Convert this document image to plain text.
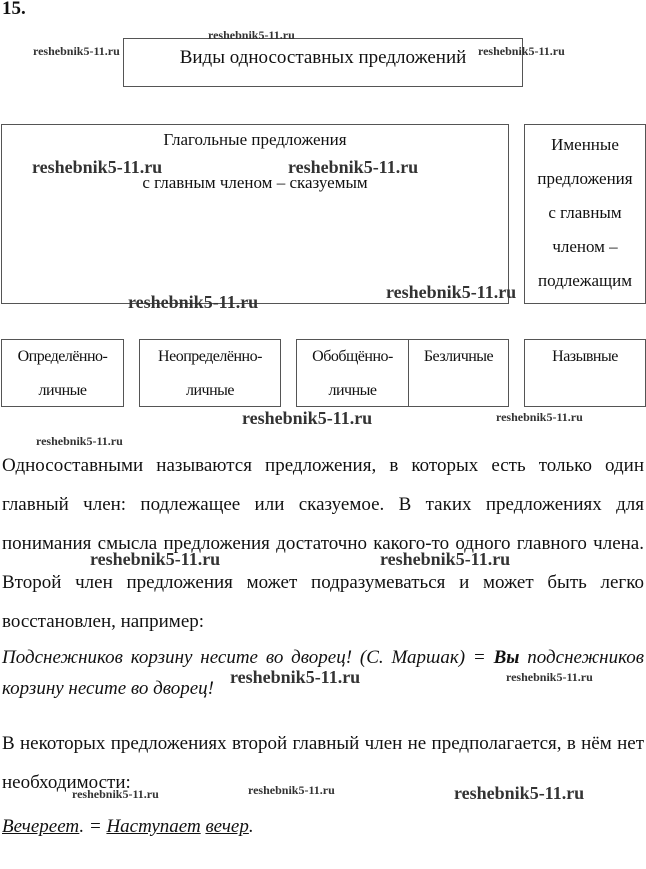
15.
Виды односоставных предложений
Глагольные предложения
с главным членом – сказуемым
Именные
предложения
с главным
членом –
подлежащим
Определённо-
личные
Неопределённо-
личные
Обобщённо-
личные
Безличные	Назывные
Односоставными называются предложения, в которых есть только один главный член: подлежащее или сказуемое. В таких предложениях для понимания смысла предложения достаточно какого-то одного главного члена. Второй член предложения может подразумеваться и может быть легко восстановлен, например:
Подснежников корзину несите во дворец! (С. Маршак) = Вы подснежников корзину несите во дворец!
В некоторых предложениях второй главный член не предполагается, в нём нет необходимости:
Вечереет. = Наступает вечер.
reshebnik5-11.ru
reshebnik5-11.ru	reshebnik5-11.ru
reshebnik5-11.ru	reshebnik5-11.ru
reshebnik5-11.ru	reshebnik5-11.ru
reshebnik5-11.ru	reshebnik5-11.ru
reshebnik5-11.ru
reshebnik5-11.ru	reshebnik5-11.ru
reshebnik5-11.ru	reshebnik5-11.ru
reshebnik5-11.ru
reshebnik5-11.ru	reshebnik5-11.ru
